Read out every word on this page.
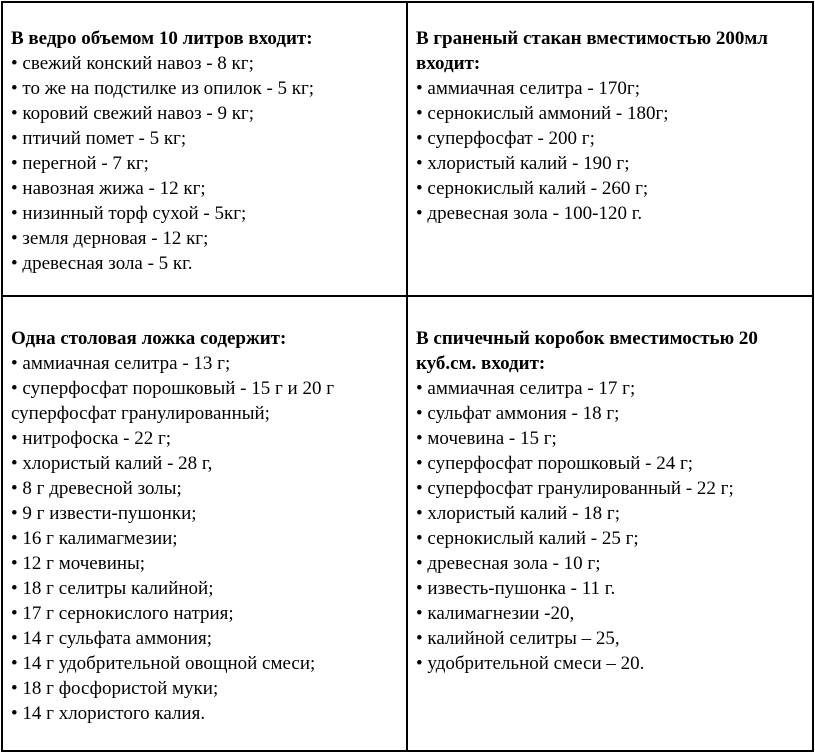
В ведро объемом 10 литров входит:
• свежий конский навоз - 8 кг;
• то же на подстилке из опилок - 5 кг;
• коровий свежий навоз - 9 кг;
• птичий помет - 5 кг;
• перегной - 7 кг;
• навозная жижа - 12 кг;
• низинный торф сухой - 5кг;
• земля дерновая - 12 кг;
• древесная зола - 5 кг.
В граненый стакан вместимостью 200мл входит:
• аммиачная селитра - 170г;
• сернокислый аммоний - 180г;
• суперфосфат - 200 г;
• хлористый калий - 190 г;
• сернокислый калий - 260 г;
• древесная зола - 100-120 г.
Одна столовая ложка содержит:
• аммиачная селитра - 13 г;
• суперфосфат порошковый - 15 г и 20 г суперфосфат гранулированный;
• нитрофоска - 22 г;
• хлористый калий - 28 г,
• 8 г древесной золы;
• 9 г извести-пушонки;
• 16 г калимагмезии;
• 12 г мочевины;
• 18 г селитры калийной;
• 17 г сернокислого натрия;
• 14 г сульфата аммония;
• 14 г удобрительной овощной смеси;
• 18 г фосфористой муки;
• 14 г хлористого калия.
В спичечный коробок вместимостью 20 куб.см. входит:
• аммиачная селитра - 17 г;
• сульфат аммония - 18 г;
• мочевина - 15 г;
• суперфосфат порошковый - 24 г;
• суперфосфат гранулированный - 22 г;
• хлористый калий - 18 г;
• сернокислый калий - 25 г;
• древесная зола - 10 г;
• известь-пушонка - 11 г.
• калимагнезии -20,
• калийной селитры – 25,
• удобрительной смеси – 20.
